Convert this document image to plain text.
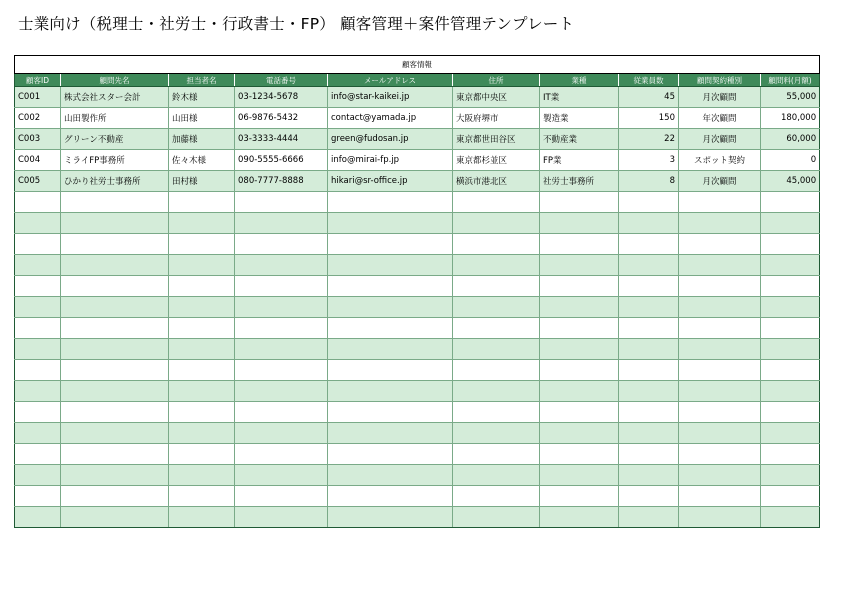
士業向け（税理士・社労士・行政書士・FP） 顧客管理＋案件管理テンプレート
顧客情報									
顧客ID	顧問先名	担当者名	電話番号	メールアドレス	住所	業種	従業員数	顧問契約種別	顧問料(月額)
C001	株式会社スター会計	鈴木様	03-1234-5678	info@star-kaikei.jp	東京都中央区	IT業	45	月次顧問	55,000
C002	山田製作所	山田様	06-9876-5432	contact@yamada.jp	大阪府堺市	製造業	150	年次顧問	180,000
C003	グリーン不動産	加藤様	03-3333-4444	green@fudosan.jp	東京都世田谷区	不動産業	22	月次顧問	60,000
C004	ミライFP事務所	佐々木様	090-5555-6666	info@mirai-fp.jp	東京都杉並区	FP業	3	スポット契約	0
C005	ひかり社労士事務所	田村様	080-7777-8888	hikari@sr-office.jp	横浜市港北区	社労士事務所	8	月次顧問	45,000
